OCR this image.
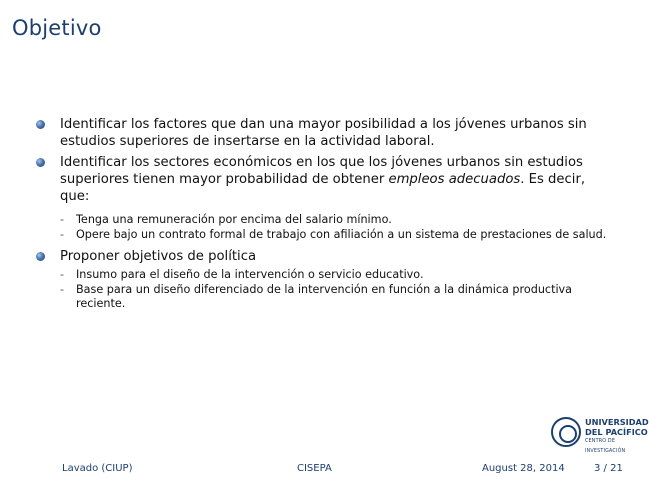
Objetivo
Identificar los factores que dan una mayor posibilidad a los jóvenes urbanos sin estudios superiores de insertarse en la actividad laboral.
Identificar los sectores económicos en los que los jóvenes urbanos sin estudios superiores tienen mayor probabilidad de obtener empleos adecuados. Es decir, que:
- Tenga una remuneración por encima del salario mínimo.
- Opere bajo un contrato formal de trabajo con afiliación a un sistema de prestaciones de salud.
Proponer objetivos de política
- Insumo para el diseño de la intervención o servicio educativo.
- Base para un diseño diferenciado de la intervención en función a la dinámica productiva reciente.
UNIVERSIDAD
DEL PACÍFICO
CENTRO DE INVESTIGACIÓN
Lavado (CIUP)	CISEPA	August 28, 2014	3 / 21
